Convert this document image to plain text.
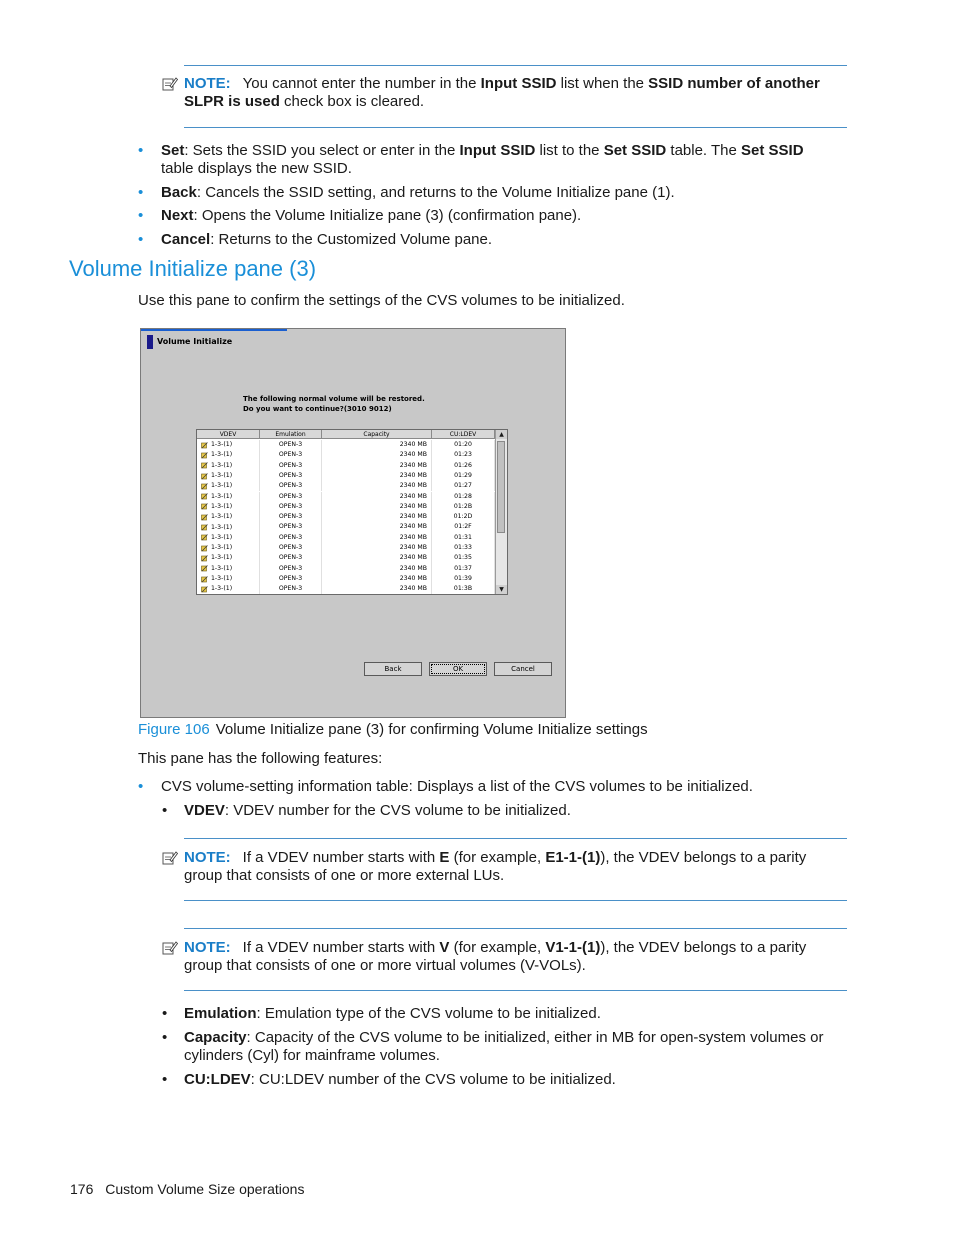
NOTE: You cannot enter the number in the Input SSID list when the SSID number of another SLPR is used check box is cleared.
• Set: Sets the SSID you select or enter in the Input SSID list to the Set SSID table. The Set SSID table displays the new SSID.
• Back: Cancels the SSID setting, and returns to the Volume Initialize pane (1).
• Next: Opens the Volume Initialize pane (3) (confirmation pane).
• Cancel: Returns to the Customized Volume pane.
Volume Initialize pane (3)
Use this pane to confirm the settings of the CVS volumes to be initialized.
Volume Initialize
The following normal volume will be restored.
Do you want to continue?(3010 9012)
VDEV	Emulation	Capacity	CU:LDEV
1-3-(1)	OPEN-3	2340 MB	01:20
1-3-(1)	OPEN-3	2340 MB	01:23
1-3-(1)	OPEN-3	2340 MB	01:26
1-3-(1)	OPEN-3	2340 MB	01:29
1-3-(1)	OPEN-3	2340 MB	01:27
1-3-(1)	OPEN-3	2340 MB	01:28
1-3-(1)	OPEN-3	2340 MB	01:2B
1-3-(1)	OPEN-3	2340 MB	01:2D
1-3-(1)	OPEN-3	2340 MB	01:2F
1-3-(1)	OPEN-3	2340 MB	01:31
1-3-(1)	OPEN-3	2340 MB	01:33
1-3-(1)	OPEN-3	2340 MB	01:35
1-3-(1)	OPEN-3	2340 MB	01:37
1-3-(1)	OPEN-3	2340 MB	01:39
1-3-(1)	OPEN-3	2340 MB	01:3B
▲
▼
Back	OK	Cancel
Figure 106 Volume Initialize pane (3) for confirming Volume Initialize settings
This pane has the following features:
• CVS volume-setting information table: Displays a list of the CVS volumes to be initialized.
• VDEV: VDEV number for the CVS volume to be initialized.
NOTE: If a VDEV number starts with E (for example, E1-1-(1)), the VDEV belongs to a parity group that consists of one or more external LUs.
NOTE: If a VDEV number starts with V (for example, V1-1-(1)), the VDEV belongs to a parity group that consists of one or more virtual volumes (V-VOLs).
• Emulation: Emulation type of the CVS volume to be initialized.
• Capacity: Capacity of the CVS volume to be initialized, either in MB for open-system volumes or cylinders (Cyl) for mainframe volumes.
• CU:LDEV: CU:LDEV number of the CVS volume to be initialized.
176 Custom Volume Size operations
